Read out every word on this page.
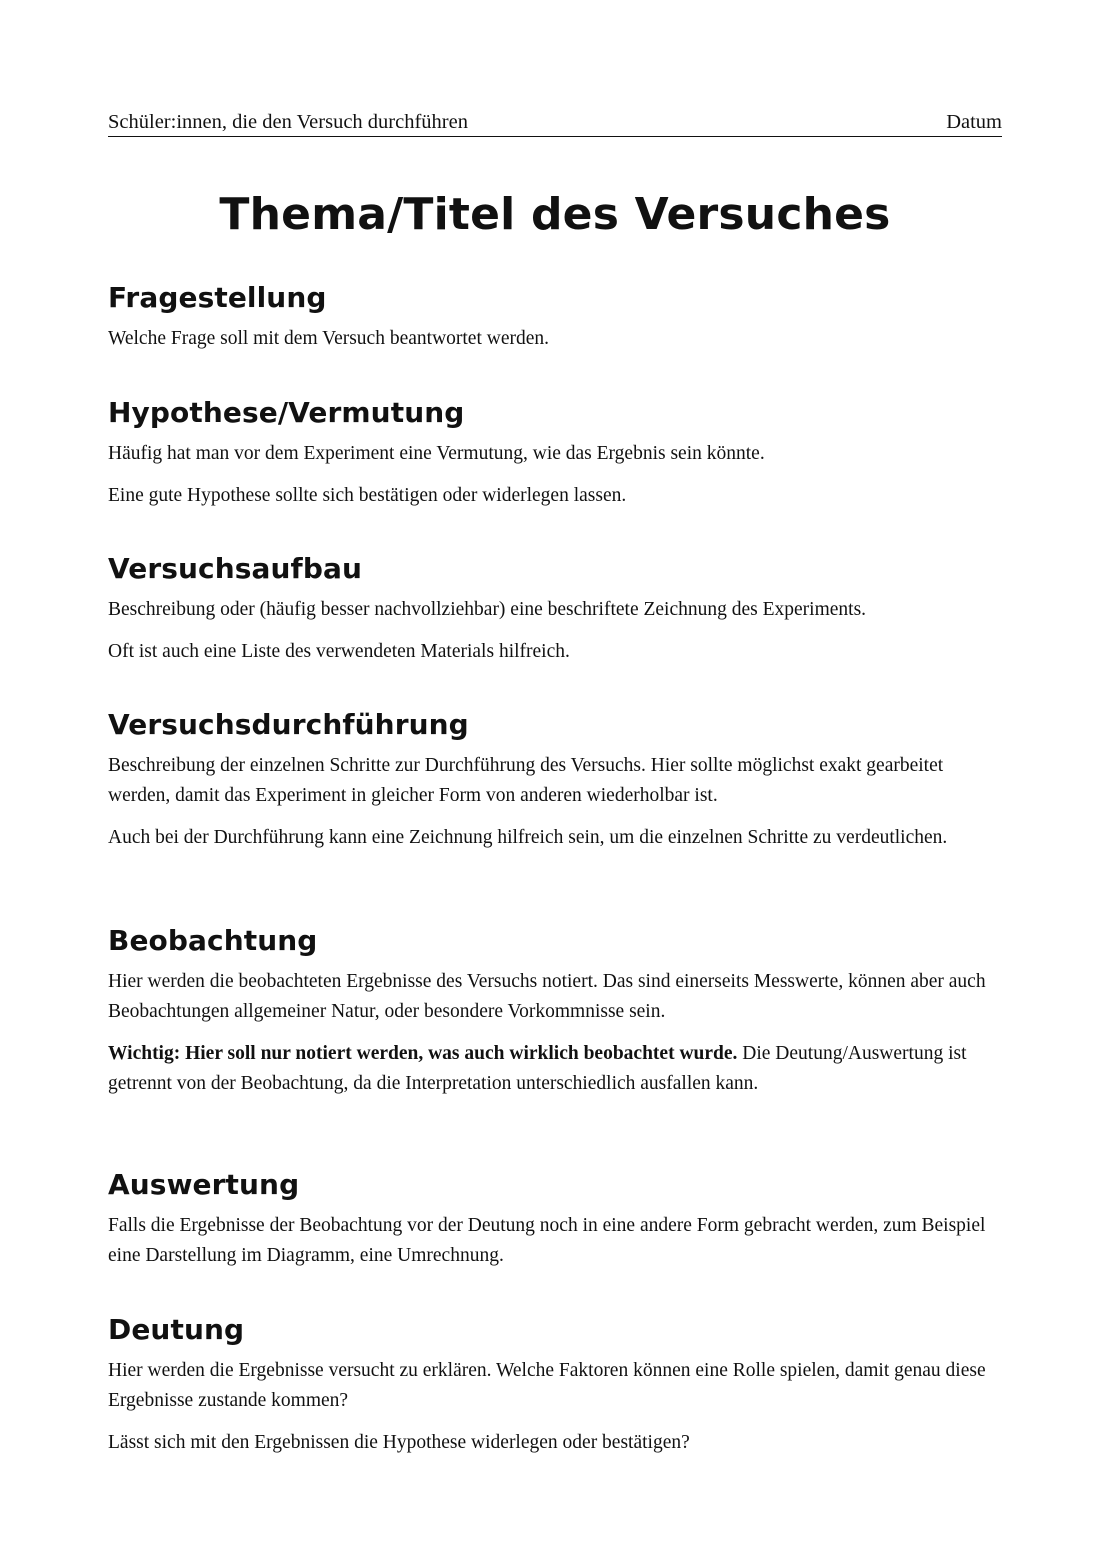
Schüler:innen, die den Versuch durchführen	Datum
Thema/Titel des Versuches
Fragestellung

Welche Frage soll mit dem Versuch beantwortet werden.

Hypothese/Vermutung

Häufig hat man vor dem Experiment eine Vermutung, wie das Ergebnis sein könnte.

Eine gute Hypothese sollte sich bestätigen oder widerlegen lassen.

Versuchsaufbau

Beschreibung oder (häufig besser nachvollziehbar) eine beschriftete Zeichnung des Experiments.

Oft ist auch eine Liste des verwendeten Materials hilfreich.

Versuchsdurchführung

Beschreibung der einzelnen Schritte zur Durchführung des Versuchs. Hier sollte möglichst exakt gearbeitet werden, damit das Experiment in gleicher Form von anderen wiederholbar ist.

Auch bei der Durchführung kann eine Zeichnung hilfreich sein, um die einzelnen Schritte zu verdeutlichen.

Beobachtung

Hier werden die beobachteten Ergebnisse des Versuchs notiert. Das sind einerseits Messwerte, können aber auch Beobachtungen allgemeiner Natur, oder besondere Vorkommnisse sein.

Wichtig: Hier soll nur notiert werden, was auch wirklich beobachtet wurde. Die Deutung/Auswertung ist getrennt von der Beobachtung, da die Interpretation unterschiedlich ausfallen kann.

Auswertung

Falls die Ergebnisse der Beobachtung vor der Deutung noch in eine andere Form gebracht werden, zum Beispiel eine Darstellung im Diagramm, eine Umrechnung.

Deutung

Hier werden die Ergebnisse versucht zu erklären. Welche Faktoren können eine Rolle spielen, damit genau diese Ergebnisse zustande kommen?

Lässt sich mit den Ergebnissen die Hypothese widerlegen oder bestätigen?
